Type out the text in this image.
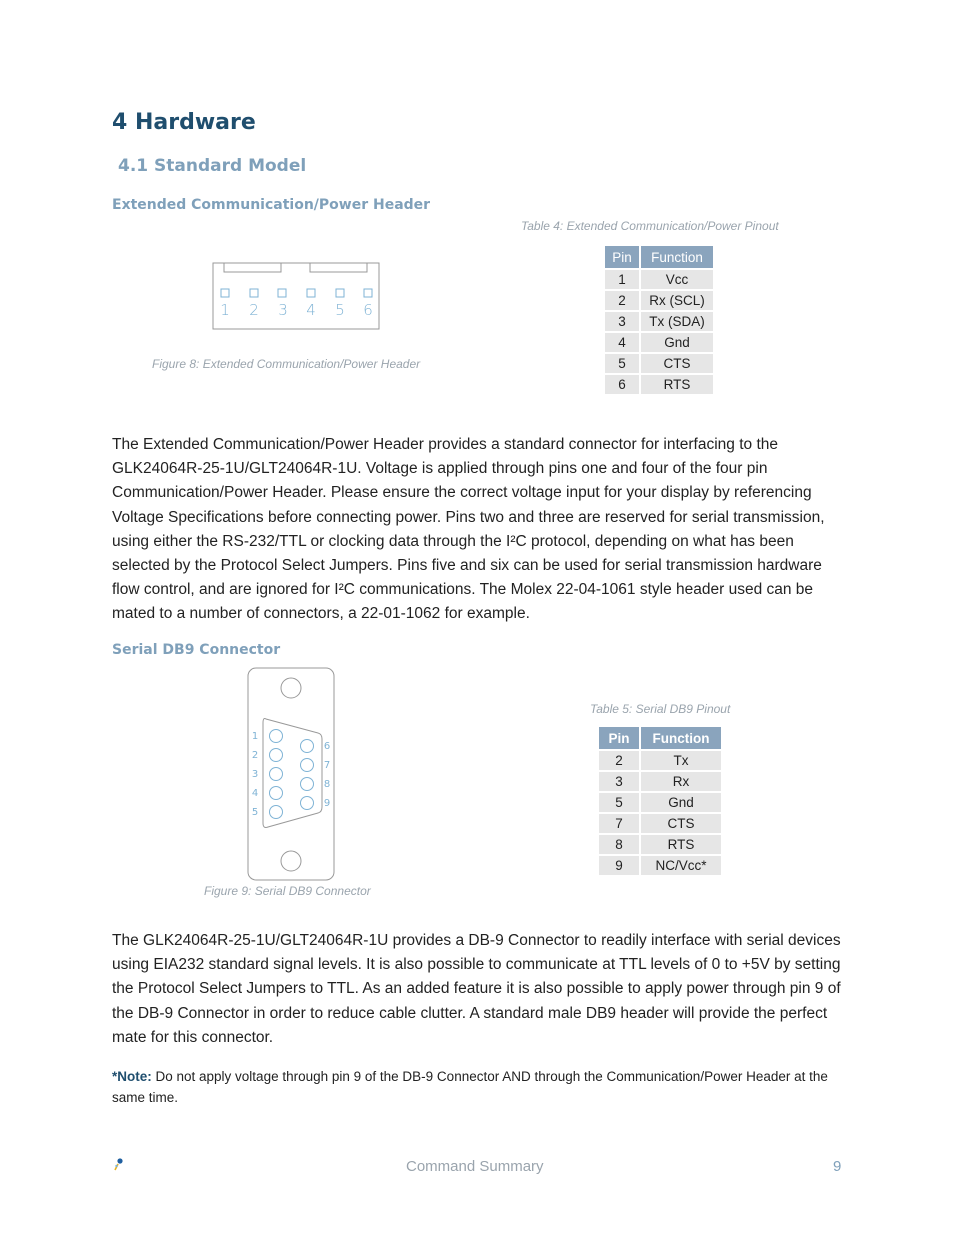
4 Hardware
4.1 Standard Model
Extended Communication/Power Header
Table 4: Extended Communication/Power Pinout
Pin	Function
1	Vcc
2	Rx (SCL)
3	Tx (SDA)
4	Gnd
5	CTS
6	RTS
1 2 3 4 5 6
Figure 8: Extended Communication/Power Header

The Extended Communication/Power Header provides a standard connector for interfacing to the GLK24064R-25-1U/GLT24064R-1U. Voltage is applied through pins one and four of the four pin Communication/Power Header. Please ensure the correct voltage input for your display by referencing Voltage Specifications before connecting power. Pins two and three are reserved for serial transmission, using either the RS-232/TTL or clocking data through the I²C protocol, depending on what has been selected by the Protocol Select Jumpers. Pins five and six can be used for serial transmission hardware flow control, and are ignored for I²C communications. The Molex 22-04-1061 style header used can be mated to a number of connectors, a 22-01-1062 for example.

Serial DB9 Connector
1
2
3
4
5
6
7
8
9
Table 5: Serial DB9 Pinout
Pin	Function
2	Tx
3	Rx
5	Gnd
7	CTS
8	RTS
9	NC/Vcc*
Figure 9: Serial DB9 Connector

The GLK24064R-25-1U/GLT24064R-1U provides a DB-9 Connector to readily interface with serial devices using EIA232 standard signal levels. It is also possible to communicate at TTL levels of 0 to +5V by setting the Protocol Select Jumpers to TTL. As an added feature it is also possible to apply power through pin 9 of the DB-9 Connector in order to reduce cable clutter. A standard male DB9 header will provide the perfect mate for this connector.

*Note: Do not apply voltage through pin 9 of the DB-9 Connector AND through the Communication/Power Header at the same time.

Command Summary	9
